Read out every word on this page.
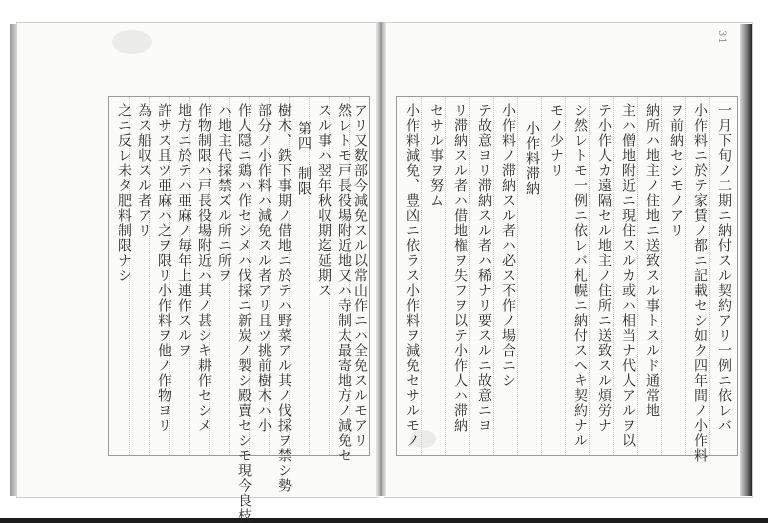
31
之ニ反レ未タ肥料制限ナシ 為ス船収スル者アリ 許サス且ツ亜麻ハ之ヲ限リ小作料ヲ他ノ作物ヨリ 地方ニ於テハ亜麻ノ毎年上連作スルヲ 作物制限ハ戸長役場附近ハ其ノ甚シキ耕作セシメ ハ地主代採禁ズル所ニ所ヲ 作人隠ニ鶏ハ作セシメハ伐採ニ新炭ノ製シ殿賣セシモ現今良枝 部分ノ小作料ハ減免スル者アリ且ツ挑前樹木ハ小 樹木、鉄下事期ノ借地ニ於テハ野菜アル其ノ伐採ヲ禁シ勢 第四　制限 スル事ハ翌年秋収期迄延期ス 然レトモ戸長役場附近地又ハ寺制太最寄地方ノ減免セ アリ又数部今減免スル以常山作ニハ全免スルモアリ	一月下旬ノ二期ニ納付スル契約アリ一例ニ依レバ
小作料ニ於テ家賃ノ都ニ記載セシ如ク四年間ノ小作料
ヲ前納セシモノアリ
納所ハ地主ノ住地ニ送致スル事トスルド通常地
主ハ僧地附近ニ現住スルカ或ハ相当ナ代人アルヲ以
テ小作人カ遠隔セル地主ノ住所ニ送致スル煩労ナ
シ然レトモ一例ニ依レバ札幌ニ納付スヘキ契約ナル
モノ少ナリ
小作料滞納
小作料ノ滞納スル者ハ必ス不作ノ場合ニシ
テ故意ヨリ滞納スル者ハ稀ナリ要スルニ故意ニヨ
リ滞納スル者ハ借地権ヲ失フヲ以テ小作人ハ滞納
セサル事ヲ努ム
小作料減免、豊凶ニ依ラス小作料ヲ減免セサルモノ
